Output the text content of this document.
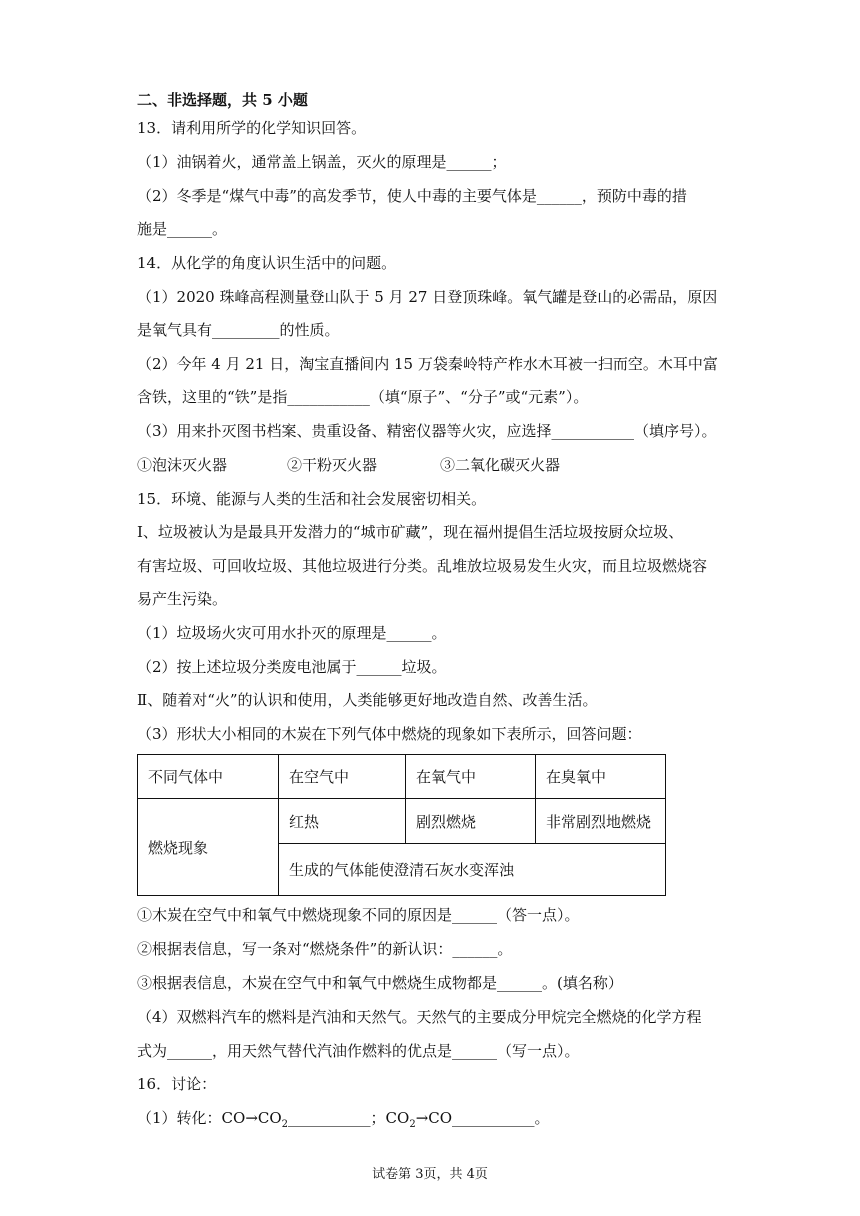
二、非选择题，共 5 小题
13．请利用所学的化学知识回答。
（1）油锅着火，通常盖上锅盖，灭火的原理是______；
（2）冬季是“煤气中毒”的高发季节，使人中毒的主要气体是______，预防中毒的措
施是______。
14．从化学的角度认识生活中的问题。
（1）2020 珠峰高程测量登山队于 5 月 27 日登顶珠峰。氧气罐是登山的必需品，原因
是氧气具有_________的性质。
（2）今年 4 月 21 日，淘宝直播间内 15 万袋秦岭特产柞水木耳被一扫而空。木耳中富
含铁，这里的“铁”是指___________（填“原子”、“分子”或“元素”）。
（3）用来扑灭图书档案、贵重设备、精密仪器等火灾，应选择___________（填序号）。
①泡沫灭火器	②干粉灭火器	③二氧化碳灭火器
15．环境、能源与人类的生活和社会发展密切相关。
I、垃圾被认为是最具开发潜力的“城市矿藏”，现在福州提倡生活垃圾按厨众垃圾、
有害垃圾、可回收垃圾、其他垃圾进行分类。乱堆放垃圾易发生火灾，而且垃圾燃烧容
易产生污染。
（1）垃圾场火灾可用水扑灭的原理是______。
（2）按上述垃圾分类废电池属于______垃圾。
Ⅱ、随着对“火”的认识和使用，人类能够更好地改造自然、改善生活。
（3）形状大小相同的木炭在下列气体中燃烧的现象如下表所示，回答问题：
不同气体中	在空气中	在氧气中	在臭氧中
燃烧现象	红热	剧烈燃烧	非常剧烈地燃烧
	生成的气体能使澄清石灰水变浑浊		
①木炭在空气中和氧气中燃烧现象不同的原因是______（答一点）。
②根据表信息，写一条对“燃烧条件”的新认识：______。
③根据表信息，木炭在空气中和氧气中燃烧生成物都是______。(填名称）
（4）双燃料汽车的燃料是汽油和天然气。天然气的主要成分甲烷完全燃烧的化学方程
式为______，用天然气替代汽油作燃料的优点是______（写一点）。
16．讨论：
（1）转化：$CO\to CO_2\_\_\_\_\_\_\_\_\_\_\_$；$CO_2\to CO\_\_\_\_\_\_\_\_\_\_\_$。
试卷第 3页，共 4页
